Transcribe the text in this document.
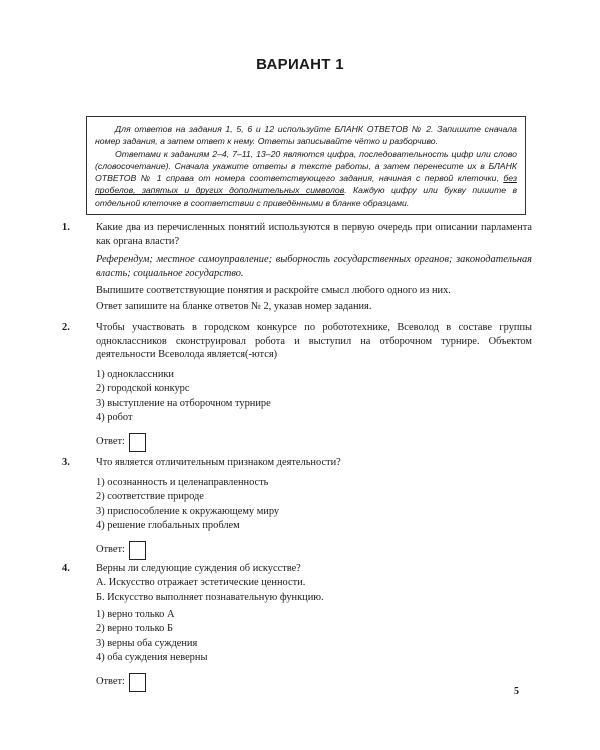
ВАРИАНТ 1

Для ответов на задания 1, 5, 6 и 12 используйте БЛАНК ОТВЕТОВ № 2. Запишите сначала номер задания, а затем ответ к нему. Ответы записывайте чётко и разборчиво.

Ответами к заданиям 2–4, 7–11, 13–20 являются цифра, последовательность цифр или слово (словосочетание). Сначала укажите ответы в тексте работы, а затем перенесите их в БЛАНК ОТВЕТОВ № 1 справа от номера соответствующего задания, начиная с первой клеточки, без пробелов, запятых и других дополнительных символов. Каждую цифру или букву пишите в отдельной клеточке в соответствии с приведёнными в бланке образцами.

1.	Какие два из перечисленных понятий используются в первую очередь при описании парламента как органа власти?

Референдум; местное самоуправление; выборность государственных органов; законодательная власть; социальное государство.

Выпишите соответствующие понятия и раскройте смысл любого одного из них.

Ответ запишите на бланке ответов № 2, указав номер задания.

2.	Чтобы участвовать в городском конкурсе по робототехнике, Всеволод в составе группы одноклассников сконструировал робота и выступил на отборочном турнире. Объектом деятельности Всеволода является(-ются)

1) одноклассники
2) городской конкурс
3) выступление на отборочном турнире
4) робот
Ответ:
3.	Что является отличительным признаком деятельности?

1) осознанность и целенаправленность
2) соответствие природе
3) приспособление к окружающему миру
4) решение глобальных проблем
Ответ:
4.	Верны ли следующие суждения об искусстве?

А. Искусство отражает эстетические ценности.

Б. Искусство выполняет познавательную функцию.

1) верно только А
2) верно только Б
3) верны оба суждения
4) оба суждения неверны
Ответ:
5
